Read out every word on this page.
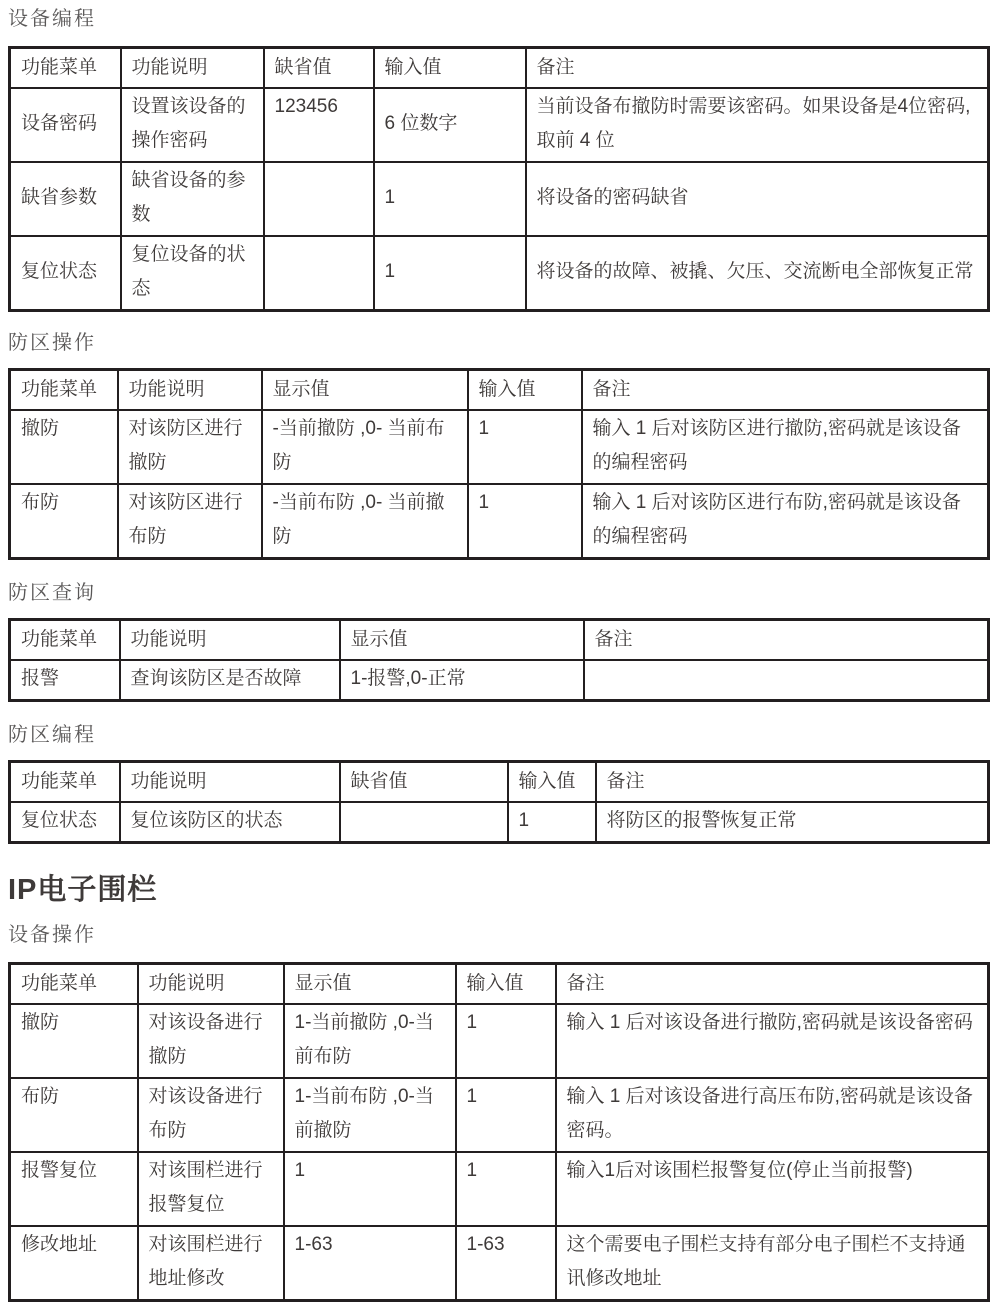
设备编程
功能菜单	功能说明	缺省值	输入值	备注
设备密码	设置该设备的操作密码	123456	6 位数字	当前设备布撤防时需要该密码。如果设备是4位密码,取前 4 位
缺省参数	缺省设备的参数		1	将设备的密码缺省
复位状态	复位设备的状态		1	将设备的故障、被撬、欠压、交流断电全部恢复正常
防区操作
功能菜单	功能说明	显示值	输入值	备注
撤防	对该防区进行撤防	-当前撤防 ,0- 当前布防	1	输入 1 后对该防区进行撤防,密码就是该设备的编程密码
布防	对该防区进行布防	-当前布防 ,0- 当前撤防	1	输入 1 后对该防区进行布防,密码就是该设备的编程密码
防区查询
功能菜单	功能说明	显示值	备注
报警	查询该防区是否故障	1-报警,0-正常	
防区编程
功能菜单	功能说明	缺省值	输入值	备注
复位状态	复位该防区的状态		1	将防区的报警恢复正常
IP电子围栏
设备操作
功能菜单	功能说明	显示值	输入值	备注
撤防	对该设备进行撤防	1-当前撤防 ,0-当前布防	1	输入 1 后对该设备进行撤防,密码就是该设备密码
布防	对该设备进行布防	1-当前布防 ,0-当前撤防	1	输入 1 后对该设备进行高压布防,密码就是该设备密码。
报警复位	对该围栏进行报警复位	1	1	输入1后对该围栏报警复位(停止当前报警)
修改地址	对该围栏进行地址修改	1-63	1-63	这个需要电子围栏支持有部分电子围栏不支持通讯修改地址
